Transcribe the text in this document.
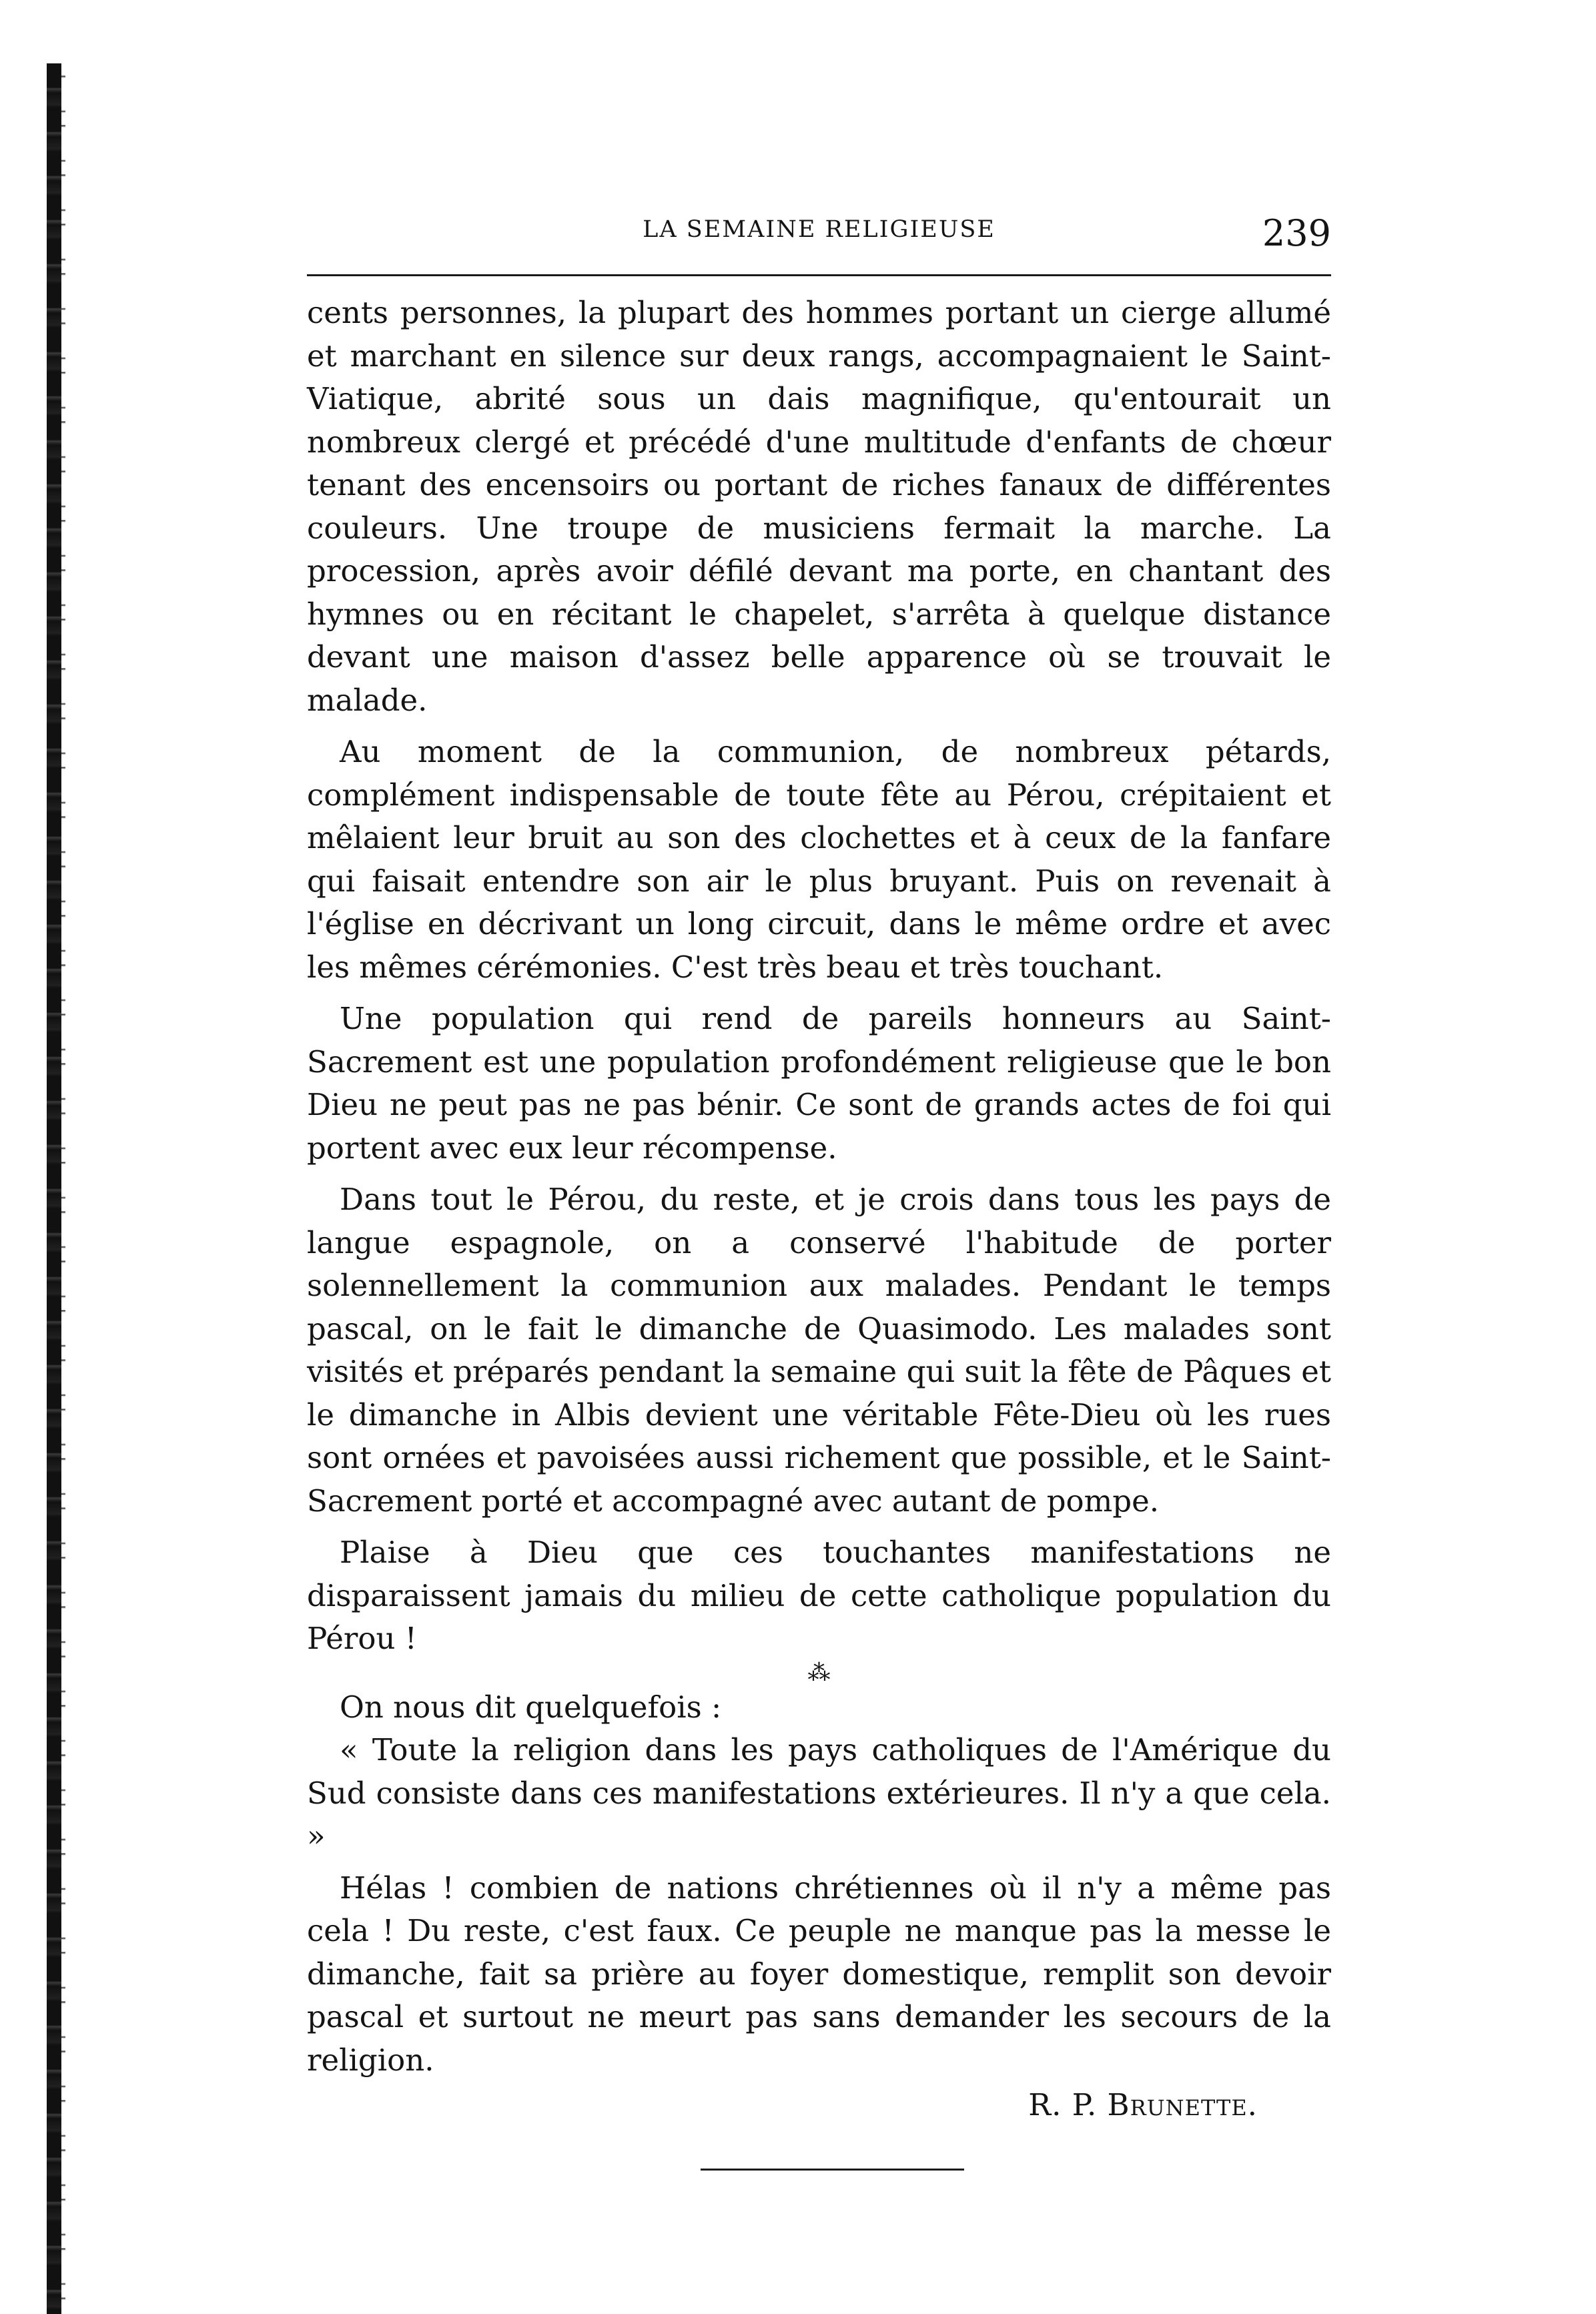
LA SEMAINE RELIGIEUSE	239

cents personnes, la plupart des hommes portant un cierge allumé et marchant en silence sur deux rangs, accompagnaient le Saint-Viatique, abrité sous un dais magnifique, qu'entourait un nombreux clergé et précédé d'une multitude d'enfants de chœur tenant des encensoirs ou portant de riches fanaux de différentes couleurs. Une troupe de musiciens fermait la marche. La procession, après avoir défilé devant ma porte, en chantant des hymnes ou en récitant le chapelet, s'arrêta à quelque distance devant une maison d'assez belle apparence où se trouvait le malade.

Au moment de la communion, de nombreux pétards, complément indispensable de toute fête au Pérou, crépitaient et mêlaient leur bruit au son des clochettes et à ceux de la fanfare qui faisait entendre son air le plus bruyant. Puis on revenait à l'église en décrivant un long circuit, dans le même ordre et avec les mêmes cérémonies. C'est très beau et très touchant.

Une population qui rend de pareils honneurs au Saint-Sacrement est une population profondément religieuse que le bon Dieu ne peut pas ne pas bénir. Ce sont de grands actes de foi qui portent avec eux leur récompense.

Dans tout le Pérou, du reste, et je crois dans tous les pays de langue espagnole, on a conservé l'habitude de porter solennellement la communion aux malades. Pendant le temps pascal, on le fait le dimanche de Quasimodo. Les malades sont visités et préparés pendant la semaine qui suit la fête de Pâques et le dimanche in Albis devient une véritable Fête-Dieu où les rues sont ornées et pavoisées aussi richement que possible, et le Saint-Sacrement porté et accompagné avec autant de pompe.

Plaise à Dieu que ces touchantes manifestations ne disparaissent jamais du milieu de cette catholique population du Pérou !

⁂

On nous dit quelquefois :

« Toute la religion dans les pays catholiques de l'Amérique du Sud consiste dans ces manifestations extérieures. Il n'y a que cela. »

Hélas ! combien de nations chrétiennes où il n'y a même pas cela ! Du reste, c'est faux. Ce peuple ne manque pas la messe le dimanche, fait sa prière au foyer domestique, remplit son devoir pascal et surtout ne meurt pas sans demander les secours de la religion.

R. P. Brunette.
